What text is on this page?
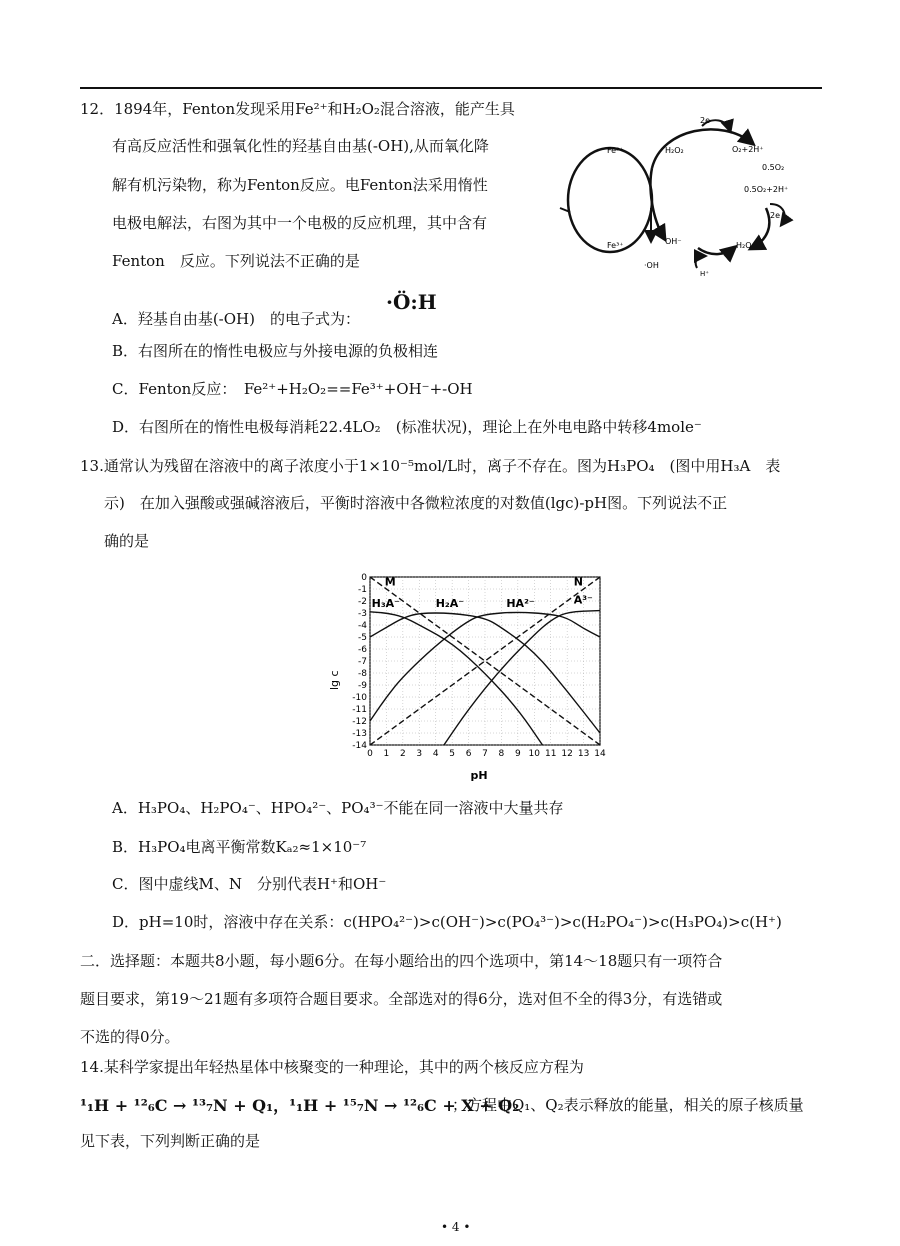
12．1894年，Fenton发现采用Fe²⁺和H₂O₂混合溶液，能产生具
有高反应活性和强氧化性的羟基自由基(-OH),从而氧化降
解有机污染物，称为Fenton反应。电Fenton法采用惰性
电极电解法，右图为其中一个电极的反应机理，其中含有
Fenton　反应。下列说法不正确的是
Fe²⁺
Fe³⁺
H₂O₂	O₂+2H⁺
0.5O₂
0.5O₂+2H⁺
H₂O
OH⁻
·OH
H⁺
2e
2e
A．羟基自由基(-OH)　的电子式为：
·Ö:H
B．右图所在的惰性电极应与外接电源的负极相连
C．Fenton反应：　Fe²⁺+H₂O₂==Fe³⁺+OH⁻+-OH
D．右图所在的惰性电极每消耗22.4LO₂　(标准状况)，理论上在外电电路中转移4mole⁻
13.通常认为残留在溶液中的离子浓度小于1×10⁻⁵mol/L时，离子不存在。图为H₃PO₄　(图中用H₃A　表
示)　在加入强酸或强碱溶液后，平衡时溶液中各微粒浓度的对数值(lgc)-pH图。下列说法不正
确的是
lg c
pH
0 1 2 3 4 5 6 7 8 9 10 11 12 13 14
0
-1
-2
-3
-4
-5
-6
-7
-8
-9
-10
-11
-12
-13
-14
M	N
H₃A⁻	H₂A⁻	HA²⁻	A³⁻
A．H₃PO₄、H₂PO₄⁻、HPO₄²⁻、PO₄³⁻不能在同一溶液中大量共存
B．H₃PO₄电离平衡常数Kₐ₂≈1×10⁻⁷
C．图中虚线M、N　分别代表H⁺和OH⁻
D．pH=10时，溶液中存在关系：c(HPO₄²⁻)>c(OH⁻)>c(PO₄³⁻)>c(H₂PO₄⁻)>c(H₃PO₄)>c(H⁺)
二．选择题：本题共8小题，每小题6分。在每小题给出的四个选项中，第14～18题只有一项符合
题目要求，第19～21题有多项符合题目要求。全部选对的得6分，选对但不全的得3分，有选错或
不选的得0分。
14.某科学家提出年轻热星体中核聚变的一种理论，其中的两个核反应方程为
¹₁H + ¹²₆C → ¹³₇N + Q₁，¹₁H + ¹⁵₇N → ¹²₆C + X + Q₂
；方程中Q₁、Q₂表示释放的能量，相关的原子核质量
见下表，下列判断正确的是
• 4 •
